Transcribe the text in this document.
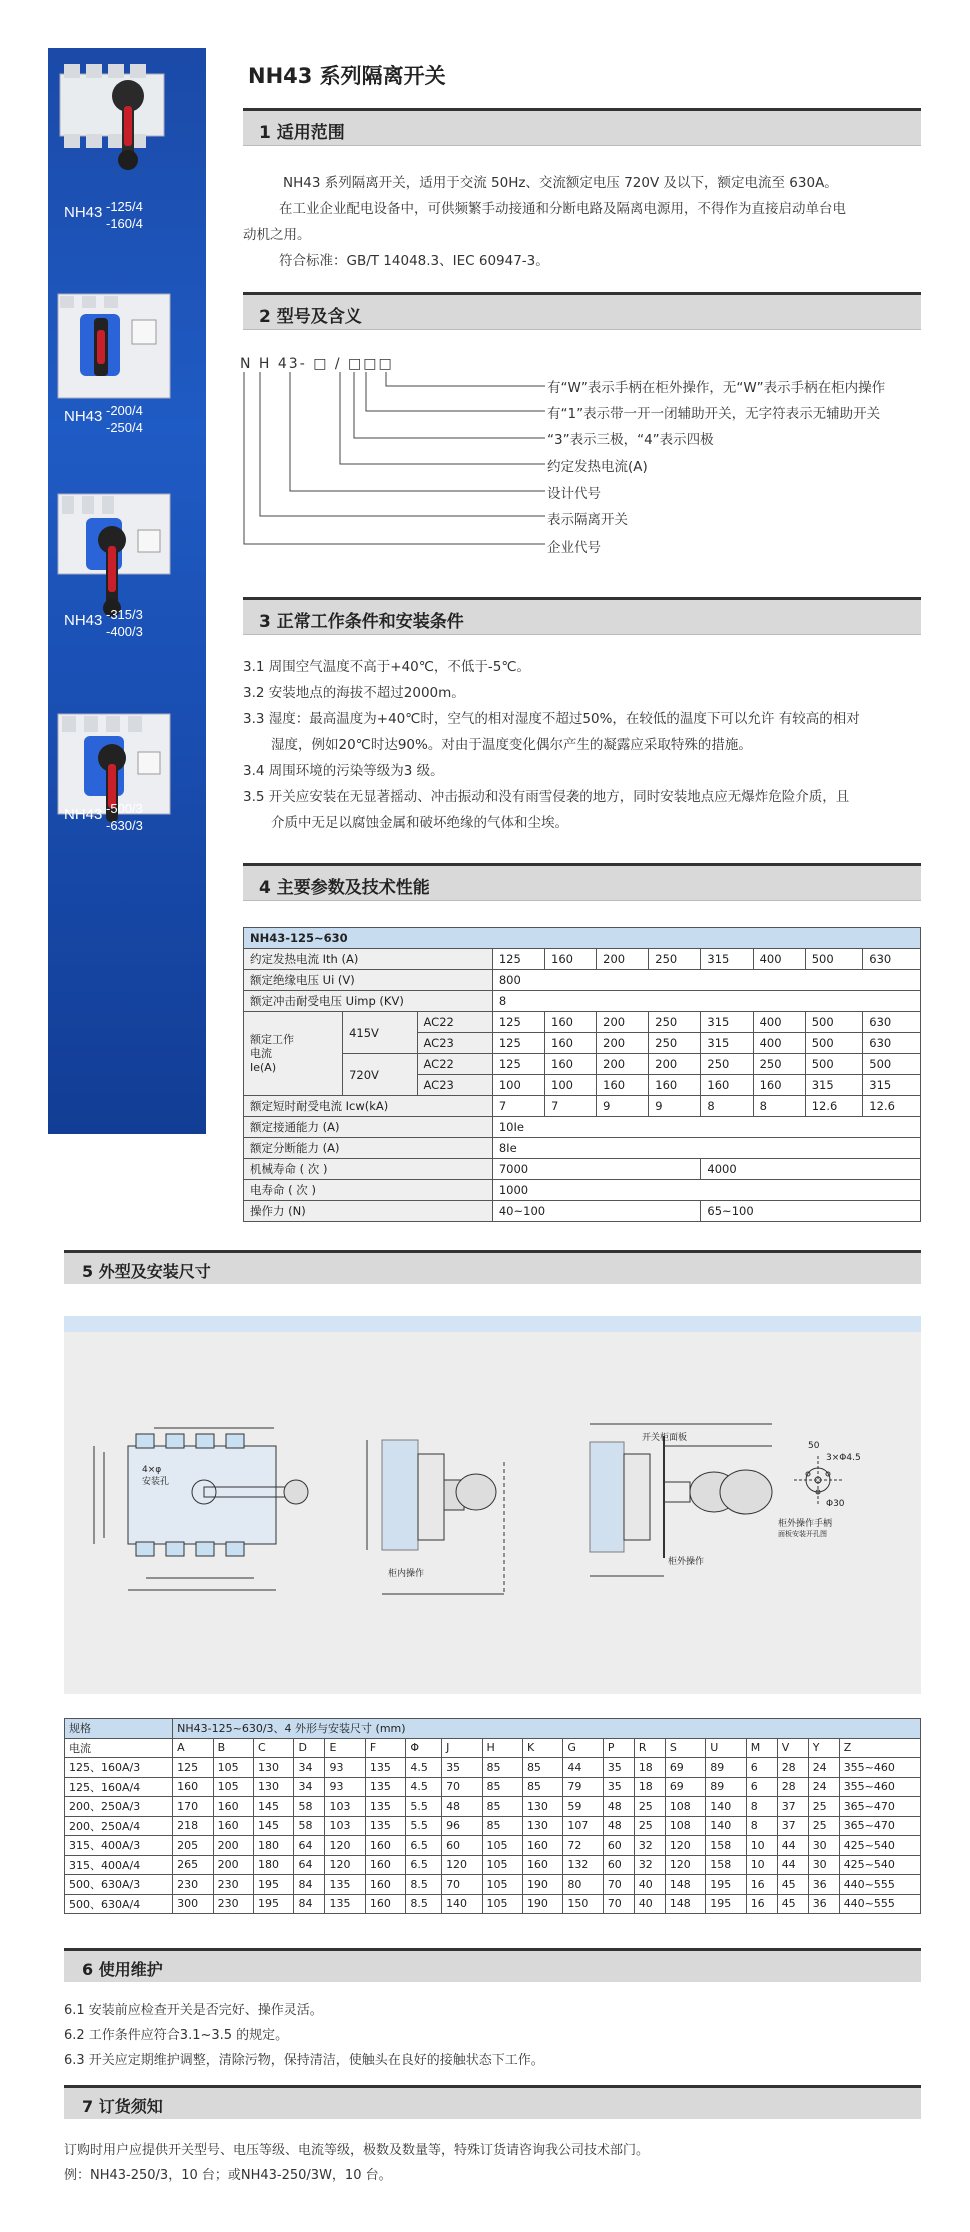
NH43 -125/4
-160/4
NH43 -200/4
-250/4
NH43 -315/3
-400/3
NH43 -500/3
-630/3
NH43 系列隔离开关
1 适用范围
NH43 系列隔离开关，适用于交流 50Hz、交流额定电压 720V 及以下，额定电流至 630A。
在工业企业配电设备中，可供频繁手动接通和分断电路及隔离电源用，不得作为直接启动单台电
动机之用。
符合标准：GB/T 14048.3、IEC 60947-3。
2 型号及含义
N H 43- □ / □□□
有“W”表示手柄在柜外操作，无“W”表示手柄在柜内操作
有“1”表示带一开一闭辅助开关，无字符表示无辅助开关
“3”表示三极，“4”表示四极
约定发热电流(A)
设计代号
表示隔离开关
企业代号
3 正常工作条件和安装条件
3.1 周围空气温度不高于+40℃，不低于-5℃。
3.2 安装地点的海拔不超过2000m。
3.3 湿度：最高温度为+40℃时，空气的相对湿度不超过50%，在较低的温度下可以允许 有较高的相对
湿度，例如20℃时达90%。对由于温度变化偶尔产生的凝露应采取特殊的措施。
3.4 周围环境的污染等级为3 级。
3.5 开关应安装在无显著摇动、冲击振动和没有雨雪侵袭的地方，同时安装地点应无爆炸危险介质，且
介质中无足以腐蚀金属和破坏绝缘的气体和尘埃。
4 主要参数及技术性能
NH43-125~630										
约定发热电流 Ith (A)			125	160	200	250	315	400	500	630
额定绝缘电压 Ui (V)			800							
额定冲击耐受电压 Uimp (KV)			8							

额定工作
电流
Ie(A)	415V	AC22	125	160	200	250	315	400	500	630
		AC23	125	160	200	250	315	400	500	630
	720V	AC22	125	160	200	200	250	250	500	500
		AC23	100	100	160	160	160	160	315	315
额定短时耐受电流 Icw(kA)			7	7	9	9	8	8	12.6	12.6
额定接通能力 (A)			10Ie							
额定分断能力 (A)			8Ie							
机械寿命 ( 次 )			7000				4000			
电寿命 ( 次 )			1000							
操作力 (N)			40~100				65~100			
5 外型及安装尺寸
4×φ
安装孔
柜内操作
开关柜面板
柜外操作
3×Φ4.5
Φ30
50
柜外操作手柄
面板安装开孔图
规格	NH43-125~630/3、4 外形与安装尺寸 (mm)																		
电流	A	B	C	D	E	F	Φ	J	H	K	G	P	R	S	U	M	V	Y	Z
125、160A/3	125	105	130	34	93	135	4.5	35	85	85	44	35	18	69	89	6	28	24	355~460
125、160A/4	160	105	130	34	93	135	4.5	70	85	85	79	35	18	69	89	6	28	24	355~460
200、250A/3	170	160	145	58	103	135	5.5	48	85	130	59	48	25	108	140	8	37	25	365~470
200、250A/4	218	160	145	58	103	135	5.5	96	85	130	107	48	25	108	140	8	37	25	365~470
315、400A/3	205	200	180	64	120	160	6.5	60	105	160	72	60	32	120	158	10	44	30	425~540
315、400A/4	265	200	180	64	120	160	6.5	120	105	160	132	60	32	120	158	10	44	30	425~540
500、630A/3	230	230	195	84	135	160	8.5	70	105	190	80	70	40	148	195	16	45	36	440~555
500、630A/4	300	230	195	84	135	160	8.5	140	105	190	150	70	40	148	195	16	45	36	440~555
6 使用维护
6.1 安装前应检查开关是否完好、操作灵活。
6.2 工作条件应符合3.1~3.5 的规定。
6.3 开关应定期维护调整，清除污物，保持清洁，使触头在良好的接触状态下工作。
7 订货须知
订购时用户应提供开关型号、电压等级、电流等级，极数及数量等，特殊订货请咨询我公司技术部门。
例：NH43-250/3，10 台；或NH43-250/3W，10 台。
